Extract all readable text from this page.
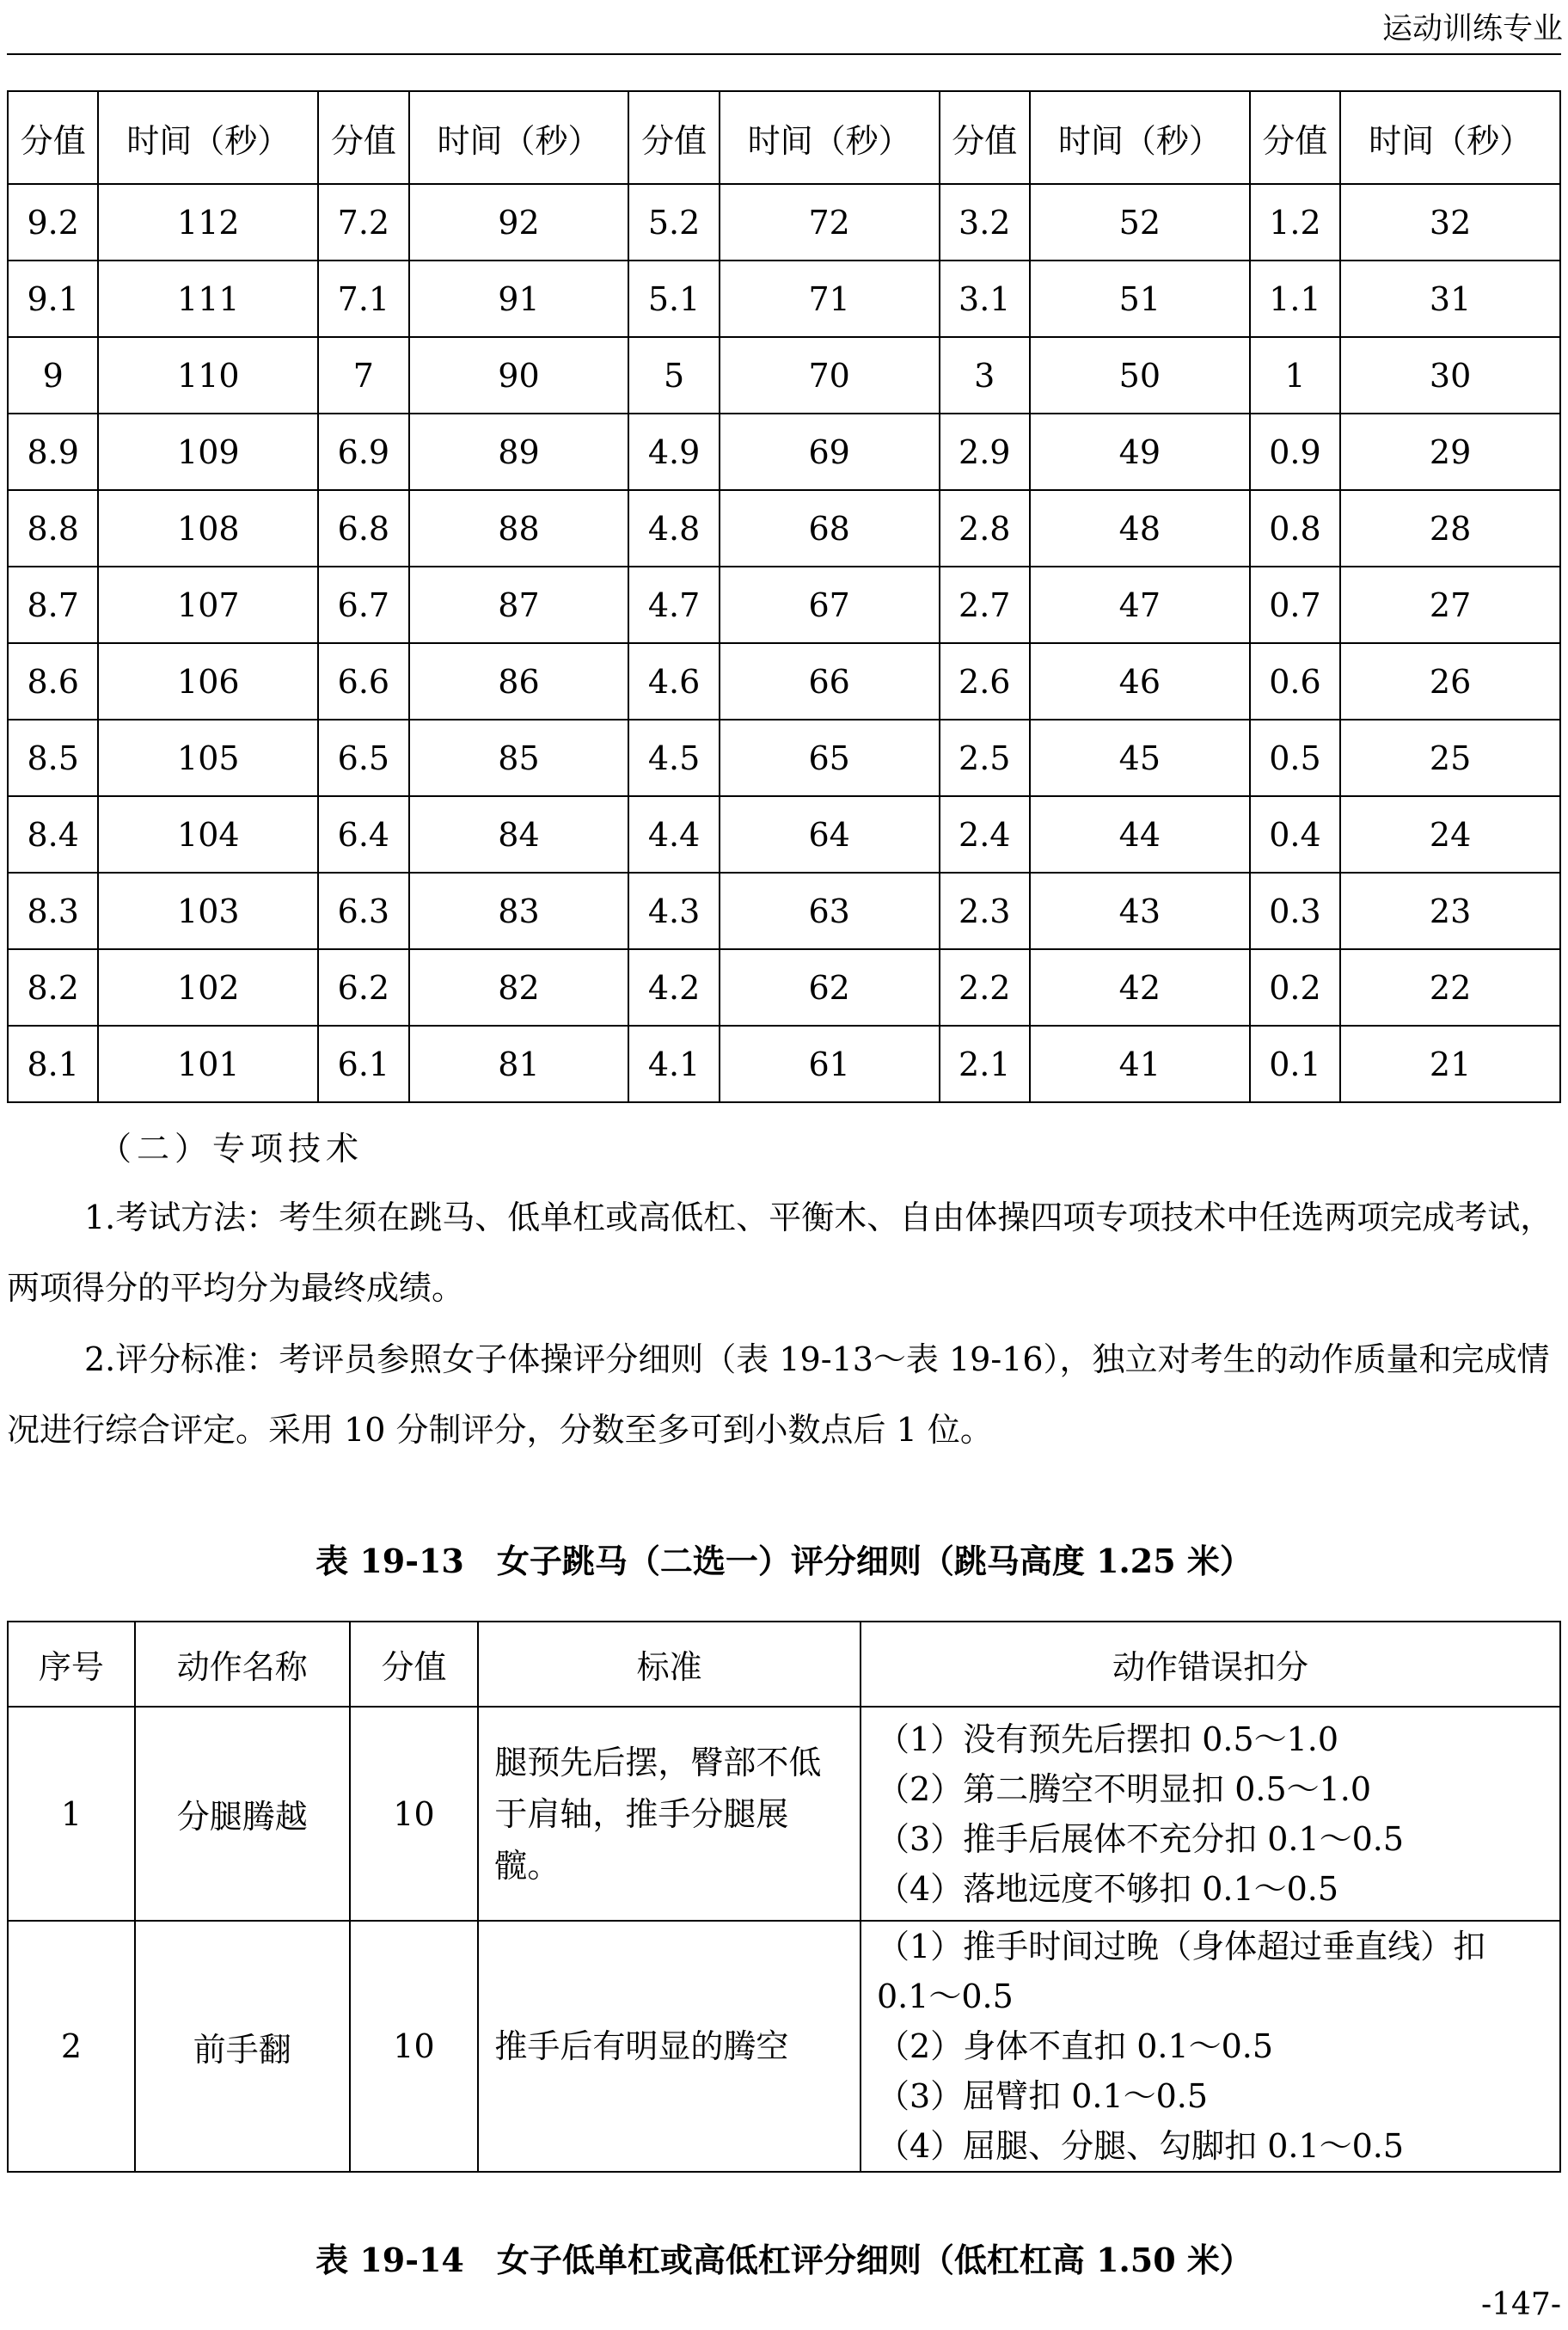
运动训练专业
分值	时间（秒）	分值	时间（秒）	分值	时间（秒）	分值	时间（秒）	分值	时间（秒）
9.2	112	7.2	92	5.2	72	3.2	52	1.2	32
9.1	111	7.1	91	5.1	71	3.1	51	1.1	31
9	110	7	90	5	70	3	50	1	30
8.9	109	6.9	89	4.9	69	2.9	49	0.9	29
8.8	108	6.8	88	4.8	68	2.8	48	0.8	28
8.7	107	6.7	87	4.7	67	2.7	47	0.7	27
8.6	106	6.6	86	4.6	66	2.6	46	0.6	26
8.5	105	6.5	85	4.5	65	2.5	45	0.5	25
8.4	104	6.4	84	4.4	64	2.4	44	0.4	24
8.3	103	6.3	83	4.3	63	2.3	43	0.3	23
8.2	102	6.2	82	4.2	62	2.2	42	0.2	22
8.1	101	6.1	81	4.1	61	2.1	41	0.1	21
（二）专项技术

1.考试方法：考生须在跳马、低单杠或高低杠、平衡木、自由体操四项专项技术中任选两项完成考试，两项得分的平均分为最终成绩。

2.评分标准：考评员参照女子体操评分细则（表 19-13～表 19-16），独立对考生的动作质量和完成情况进行综合评定。采用 10 分制评分，分数至多可到小数点后 1 位。

表 19-13　女子跳马（二选一）评分细则（跳马高度 1.25 米）
序号	动作名称	分值	标准	动作错误扣分
1	分腿腾越	10	腿预先后摆，臀部不低于肩轴，推手分腿展髋。	（1）没有预先后摆扣 0.5～1.0
（2）第二腾空不明显扣 0.5～1.0
（3）推手后展体不充分扣 0.1～0.5
（4）落地远度不够扣 0.1～0.5

2	前手翻	10	推手后有明显的腾空	（1）推手时间过晚（身体超过垂直线）扣 0.1～0.5
（2）身体不直扣 0.1～0.5
（3）屈臂扣 0.1～0.5
（4）屈腿、分腿、勾脚扣 0.1～0.5
表 19-14　女子低单杠或高低杠评分细则（低杠杠高 1.50 米）
-147-
